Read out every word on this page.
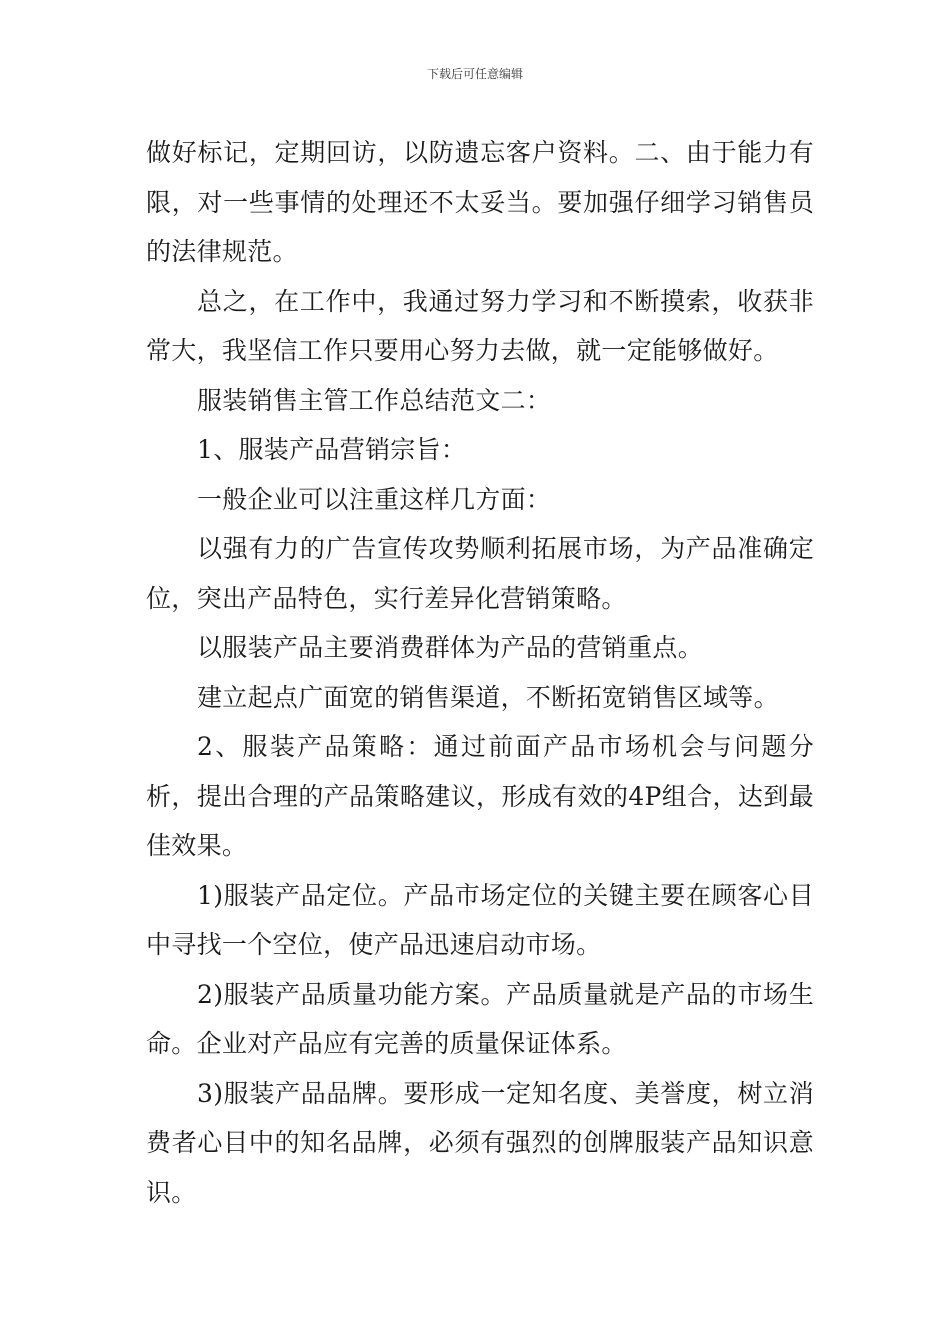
下载后可任意编辑

做好标记，定期回访，以防遗忘客户资料。二、由于能力有限，对一些事情的处理还不太妥当。要加强仔细学习销售员的法律规范。

总之，在工作中，我通过努力学习和不断摸索，收获非常大，我坚信工作只要用心努力去做，就一定能够做好。

服装销售主管工作总结范文二：

1、服装产品营销宗旨：

一般企业可以注重这样几方面：

以强有力的广告宣传攻势顺利拓展市场，为产品准确定位，突出产品特色，实行差异化营销策略。

以服装产品主要消费群体为产品的营销重点。

建立起点广面宽的销售渠道，不断拓宽销售区域等。

2、服装产品策略：通过前面产品市场机会与问题分析，提出合理的产品策略建议，形成有效的4P组合，达到最佳效果。

1)服装产品定位。产品市场定位的关键主要在顾客心目中寻找一个空位，使产品迅速启动市场。

2)服装产品质量功能方案。产品质量就是产品的市场生命。企业对产品应有完善的质量保证体系。

3)服装产品品牌。要形成一定知名度、美誉度，树立消费者心目中的知名品牌，必须有强烈的创牌服装产品知识意识。
